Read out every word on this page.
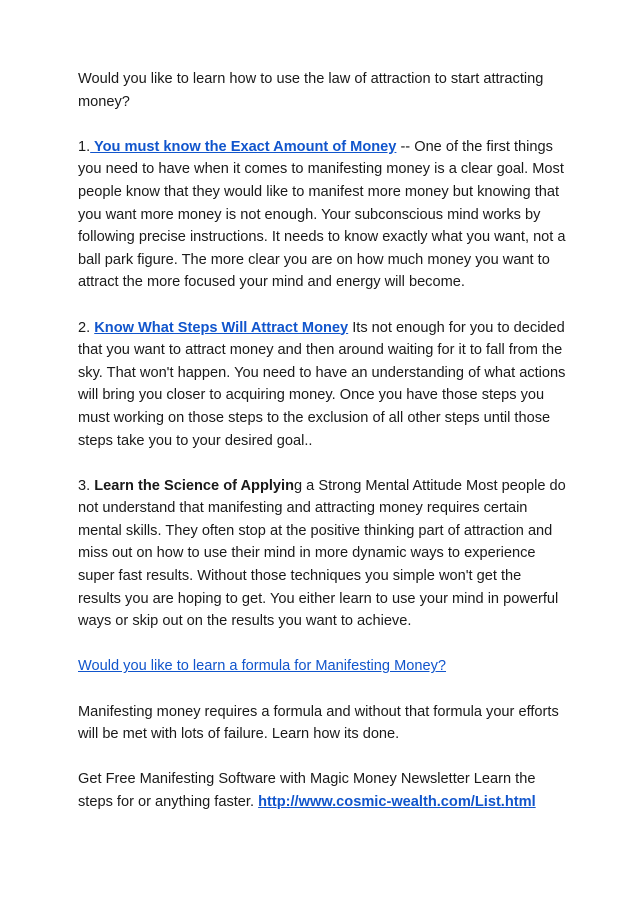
Would you like to learn how to use the law of attraction to start attracting money?

1. You must know the Exact Amount of Money -- One of the first things you need to have when it comes to manifesting money is a clear goal. Most people know that they would like to manifest more money but knowing that you want more money is not enough. Your subconscious mind works by following precise instructions. It needs to know exactly what you want, not a ball park figure. The more clear you are on how much money you want to attract the more focused your mind and energy will become.

2. Know What Steps Will Attract Money Its not enough for you to decided that you want to attract money and then around waiting for it to fall from the sky. That won't happen. You need to have an understanding of what actions will bring you closer to acquiring money. Once you have those steps you must working on those steps to the exclusion of all other steps until those steps take you to your desired goal..

3. Learn the Science of Applying a Strong Mental Attitude Most people do not understand that manifesting and attracting money requires certain mental skills. They often stop at the positive thinking part of attraction and miss out on how to use their mind in more dynamic ways to experience super fast results. Without those techniques you simple won't get the results you are hoping to get. You either learn to use your mind in powerful ways or skip out on the results you want to achieve.

Would you like to learn a formula for Manifesting Money?

Manifesting money requires a formula and without that formula your efforts will be met with lots of failure. Learn how its done.

Get Free Manifesting Software with Magic Money Newsletter Learn the steps for or anything faster. http://www.cosmic-wealth.com/List.html
